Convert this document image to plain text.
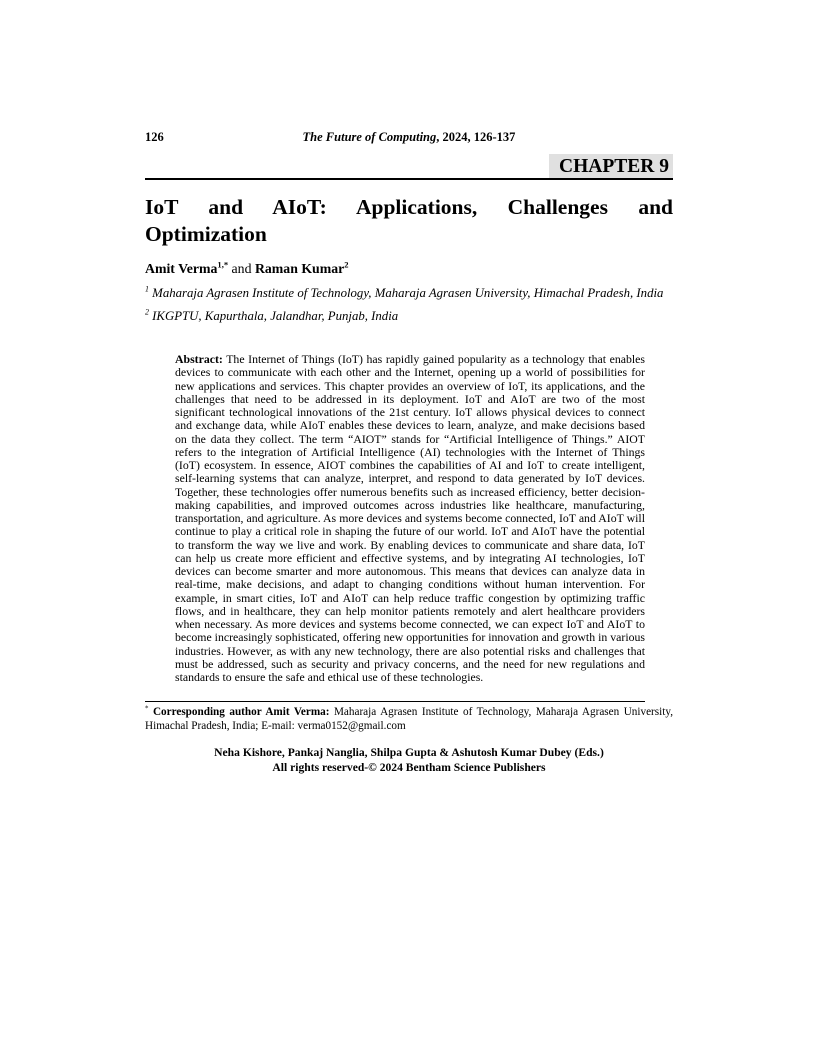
126	The Future of Computing, 2024, 126-137
CHAPTER 9
IoT and AIoT: Applications, Challenges and
Optimization
Amit Verma$^{1,*}$ and Raman Kumar$^2$

$^1$ Maharaja Agrasen Institute of Technology, Maharaja Agrasen University, Himachal Pradesh, India

$^2$ IKGPTU, Kapurthala, Jalandhar, Punjab, India

Abstract: The Internet of Things (IoT) has rapidly gained popularity as a technology that enables devices to communicate with each other and the Internet, opening up a world of possibilities for new applications and services. This chapter provides an overview of IoT, its applications, and the challenges that need to be addressed in its deployment. IoT and AIoT are two of the most significant technological innovations of the 21st century. IoT allows physical devices to connect and exchange data, while AIoT enables these devices to learn, analyze, and make decisions based on the data they collect. The term “AIOT” stands for “Artificial Intelligence of Things.” AIOT refers to the integration of Artificial Intelligence (AI) technologies with the Internet of Things (IoT) ecosystem. In essence, AIOT combines the capabilities of AI and IoT to create intelligent, self-learning systems that can analyze, interpret, and respond to data generated by IoT devices. Together, these technologies offer numerous benefits such as increased efficiency, better decision-making capabilities, and improved outcomes across industries like healthcare, manufacturing, transportation, and agriculture. As more devices and systems become connected, IoT and AIoT will continue to play a critical role in shaping the future of our world. IoT and AIoT have the potential to transform the way we live and work. By enabling devices to communicate and share data, IoT can help us create more efficient and effective systems, and by integrating AI technologies, IoT devices can become smarter and more autonomous. This means that devices can analyze data in real-time, make decisions, and adapt to changing conditions without human intervention. For example, in smart cities, IoT and AIoT can help reduce traffic congestion by optimizing traffic flows, and in healthcare, they can help monitor patients remotely and alert healthcare providers when necessary. As more devices and systems become connected, we can expect IoT and AIoT to become increasingly sophisticated, offering new opportunities for innovation and growth in various industries. However, as with any new technology, there are also potential risks and challenges that must be addressed, such as security and privacy concerns, and the need for new regulations and standards to ensure the safe and ethical use of these technologies.
* Corresponding author Amit Verma: Maharaja Agrasen Institute of Technology, Maharaja Agrasen University, Himachal Pradesh, India; E-mail: verma0152@gmail.com
Neha Kishore, Pankaj Nanglia, Shilpa Gupta & Ashutosh Kumar Dubey (Eds.)
All rights reserved-© 2024 Bentham Science Publishers
